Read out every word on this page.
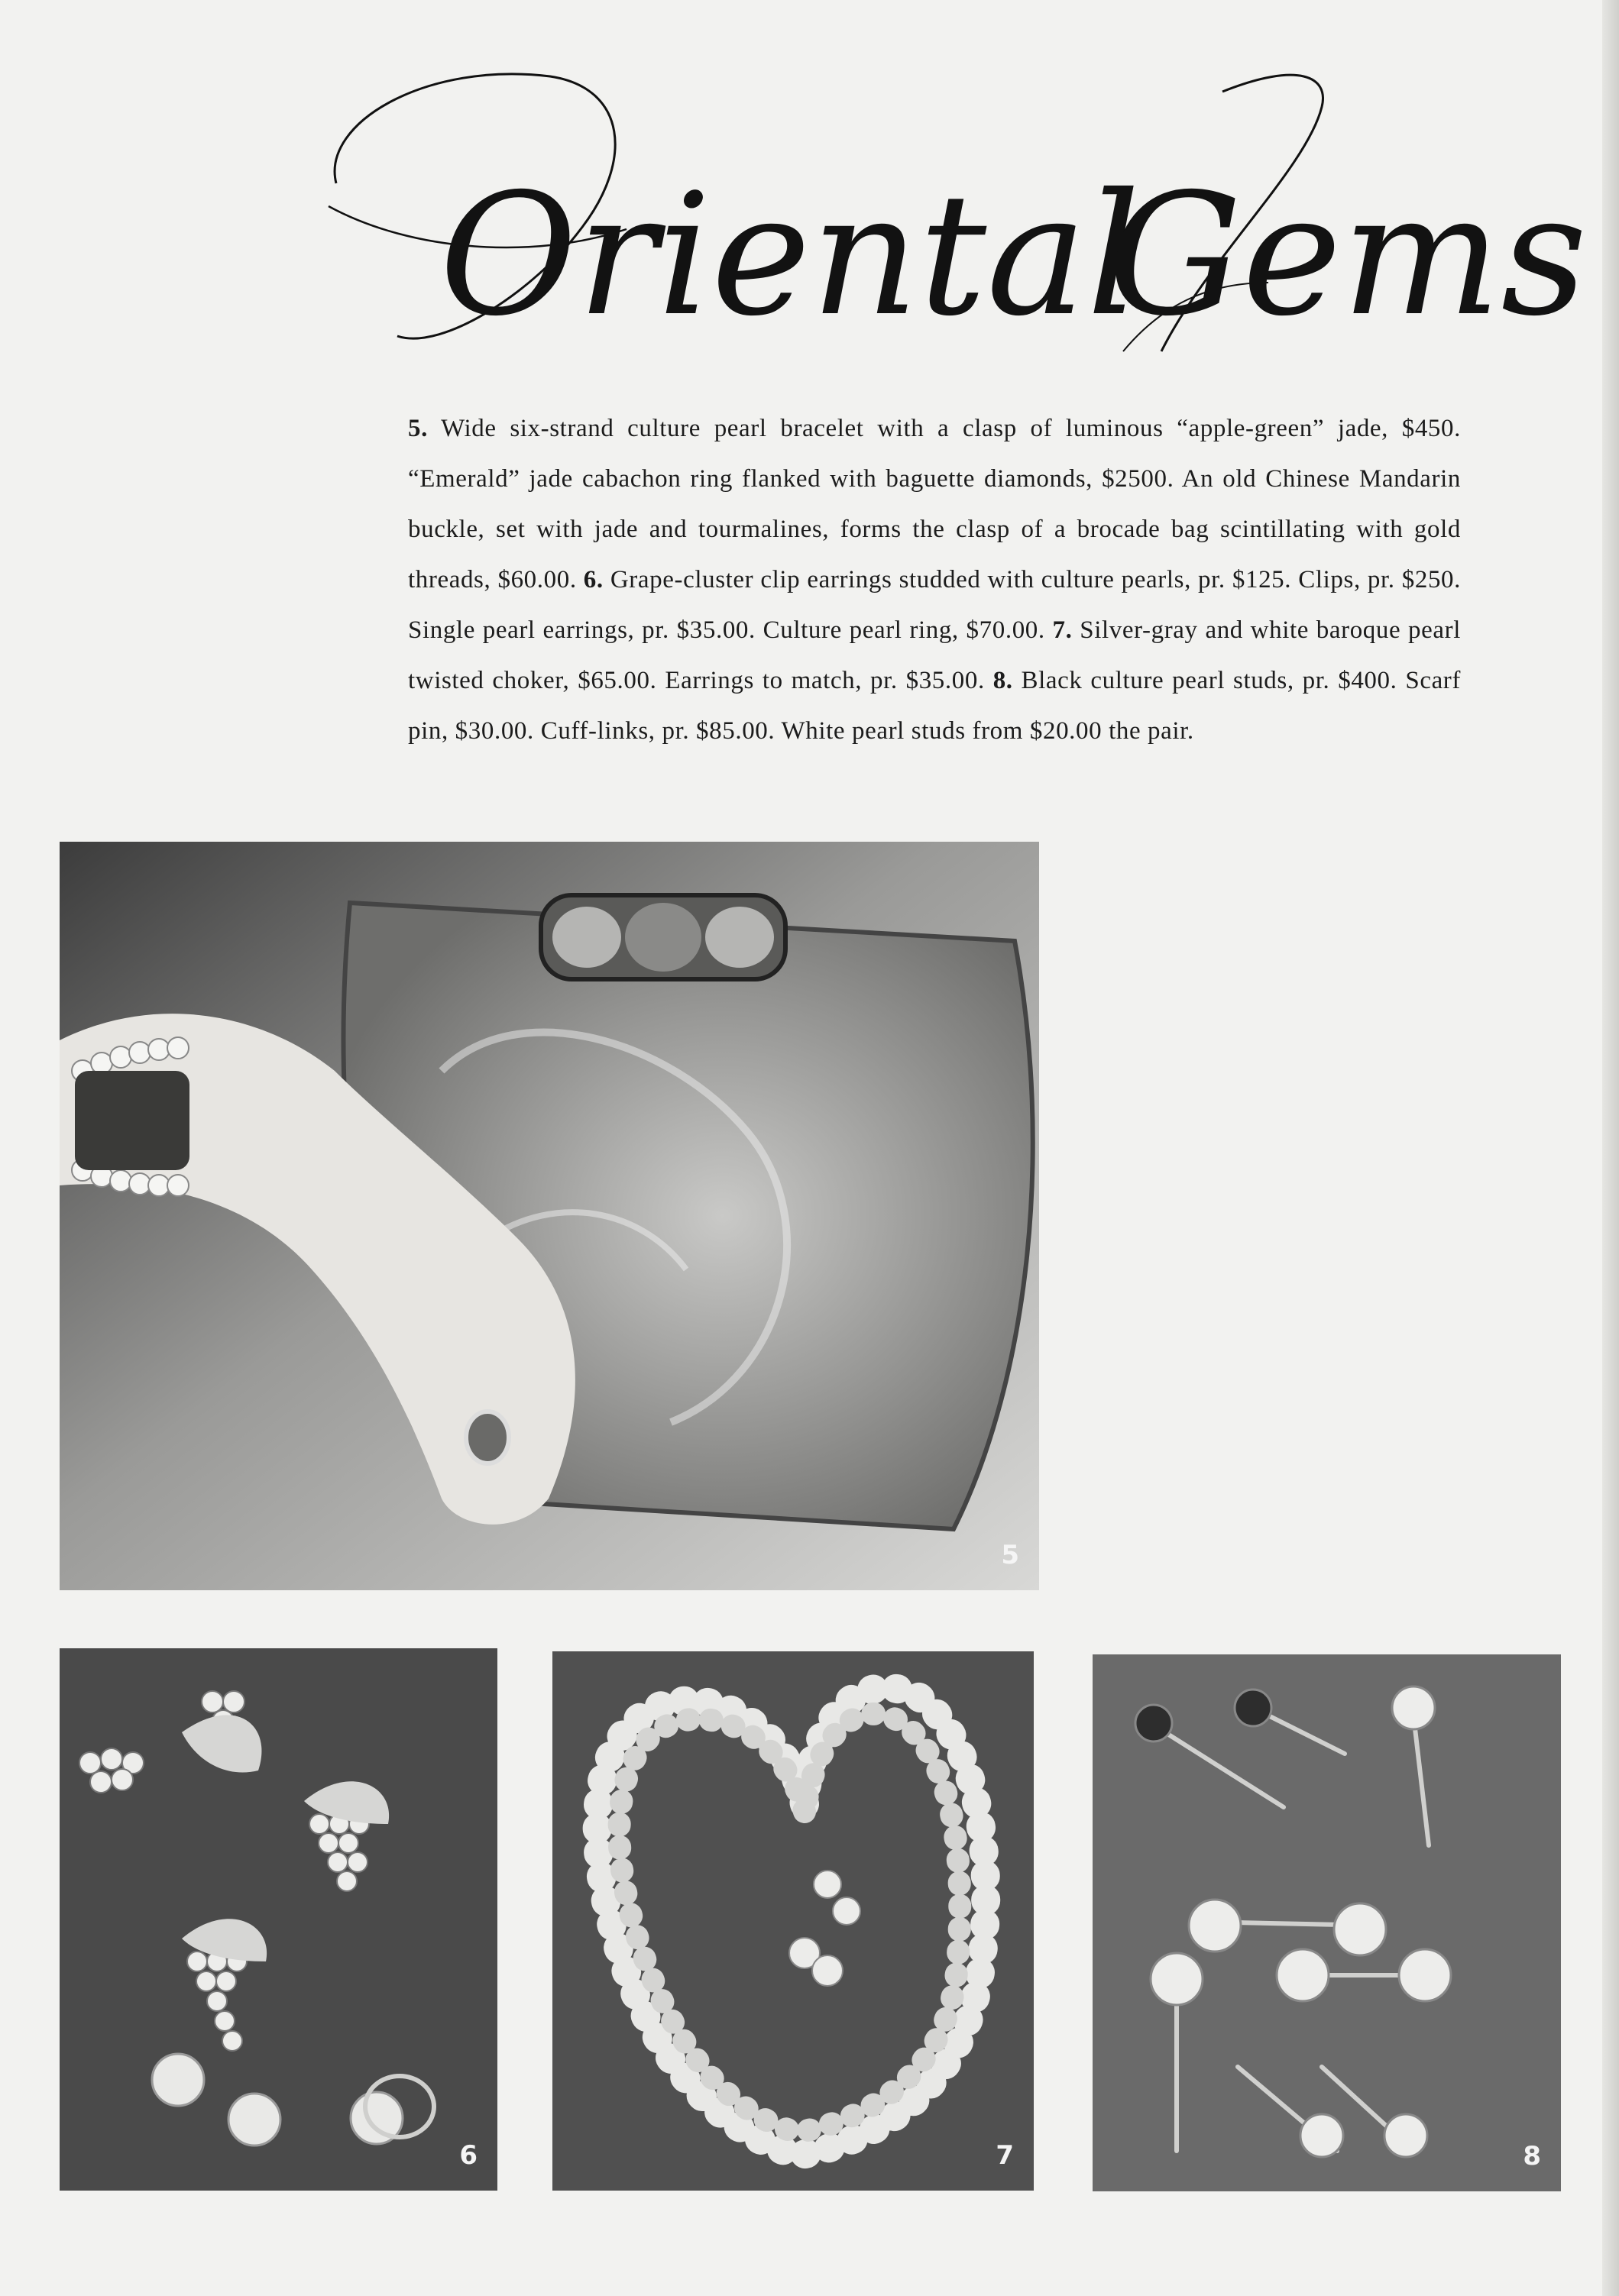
Oriental
Gems
5. Wide six-strand culture pearl bracelet with a clasp of luminous “apple-green” jade, $450. “Emerald” jade cabachon ring flanked with baguette diamonds, $2500. An old Chinese Mandarin buckle, set with jade and tourmalines, forms the clasp of a brocade bag scintillating with gold threads, $60.00. 6. Grape-cluster clip earrings studded with culture pearls, pr. $125. Clips, pr. $250. Single pearl earrings, pr. $35.00. Culture pearl ring, $70.00. 7. Silver-gray and white baroque pearl twisted choker, $65.00. Earrings to match, pr. $35.00. 8. Black culture pearl studs, pr. $400. Scarf pin, $30.00. Cuff-links, pr. $85.00. White pearl studs from $20.00 the pair.
5
6	7	8
